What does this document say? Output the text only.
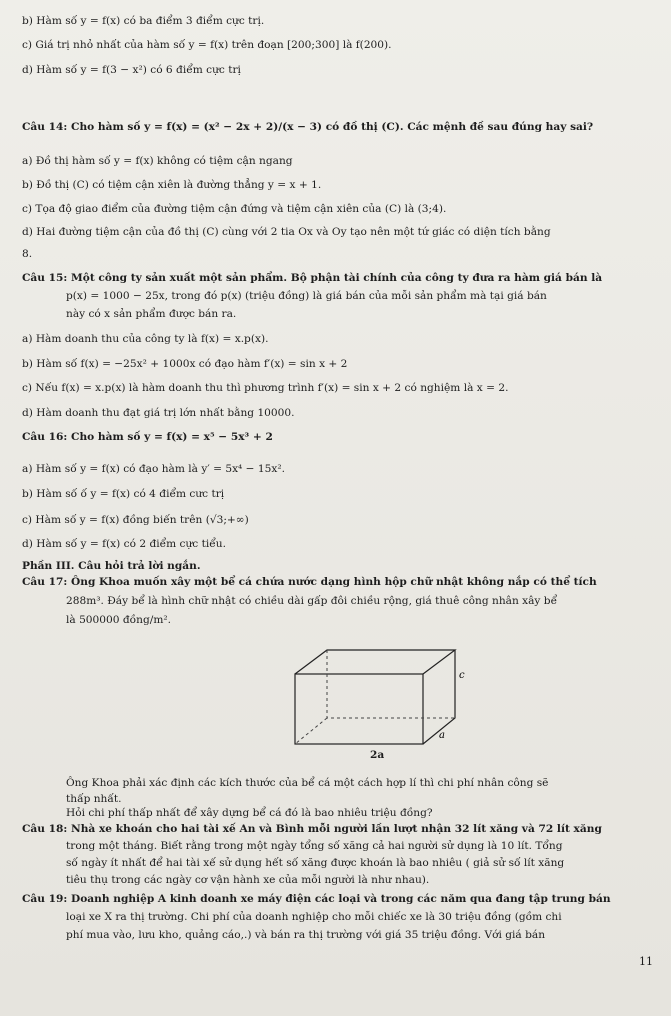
b) Hàm số y = f(x) có ba điểm 3 điểm cực trị.
c) Giá trị nhỏ nhất của hàm số y = f(x) trên đoạn [200;300] là f(200).
d) Hàm số y = f(3 − x²) có 6 điểm cực trị
Câu 14: Cho hàm số y = f(x) = (x² − 2x + 2)/(x − 3) có đồ thị (C). Các mệnh đề sau đúng hay sai?
a) Đồ thị hàm số y = f(x) không có tiệm cận ngang
b) Đồ thị (C) có tiệm cận xiên là đường thẳng y = x + 1.
c) Tọa độ giao điểm của đường tiệm cận đứng và tiệm cận xiên của (C) là (3;4).
d) Hai đường tiệm cận của đồ thị (C) cùng với 2 tia Ox và Oy tạo nên một tứ giác có diện tích bằng
8.
Câu 15: Một công ty sản xuất một sản phẩm. Bộ phận tài chính của công ty đưa ra hàm giá bán là
p(x) = 1000 − 25x, trong đó p(x) (triệu đồng) là giá bán của mỗi sản phẩm mà tại giá bán
này có x sản phẩm được bán ra.
a) Hàm doanh thu của công ty là f(x) = x.p(x).
b) Hàm số f(x) = −25x² + 1000x có đạo hàm f′(x) = sin x + 2
c) Nếu f(x) = x.p(x) là hàm doanh thu thì phương trình f′(x) = sin x + 2 có nghiệm là x = 2.
d) Hàm doanh thu đạt giá trị lớn nhất bằng 10000.
Câu 16: Cho hàm số y = f(x) = x⁵ − 5x³ + 2
a) Hàm số y = f(x) có đạo hàm là y′ = 5x⁴ − 15x².
b) Hàm số ố y = f(x) có 4 điểm cưc trị
c) Hàm số y = f(x) đồng biến trên (√3;+∞)
d) Hàm số y = f(x) có 2 điểm cực tiểu.
Phần III. Câu hỏi trả lời ngắn.
Câu 17: Ông Khoa muốn xây một bể cá chứa nước dạng hình hộp chữ nhật không nắp có thể tích
288m³. Đáy bể là hình chữ nhật có chiều dài gấp đôi chiều rộng, giá thuê công nhân xây bể
là 500000 đồng/m².
Ông Khoa phải xác định các kích thước của bể cá một cách hợp lí thì chi phí nhân công sẽ
thấp nhất.
Hỏi chi phí thấp nhất để xây dựng bể cá đó là bao nhiêu triệu đồng?
Câu 18: Nhà xe khoán cho hai tài xế An và Bình mỗi người lần lượt nhận 32 lít xăng và 72 lít xăng
trong một tháng. Biết rằng trong một ngày tổng số xăng cả hai người sử dụng là 10 lít. Tổng
số ngày ít nhất để hai tài xế sử dụng hết số xăng được khoán là bao nhiêu ( giả sử số lít xăng
tiêu thụ trong các ngày cơ vận hành xe của mỗi người là như nhau).
Câu 19: Doanh nghiệp A kinh doanh xe máy điện các loại và trong các năm qua đang tập trung bán
loại xe X ra thị trường. Chi phí của doanh nghiệp cho mỗi chiếc xe là 30 triệu đồng (gồm chi
phí mua vào, lưu kho, quảng cáo,.) và bán ra thị trường với giá 35 triệu đồng. Với giá bán
c
a
2a
11
